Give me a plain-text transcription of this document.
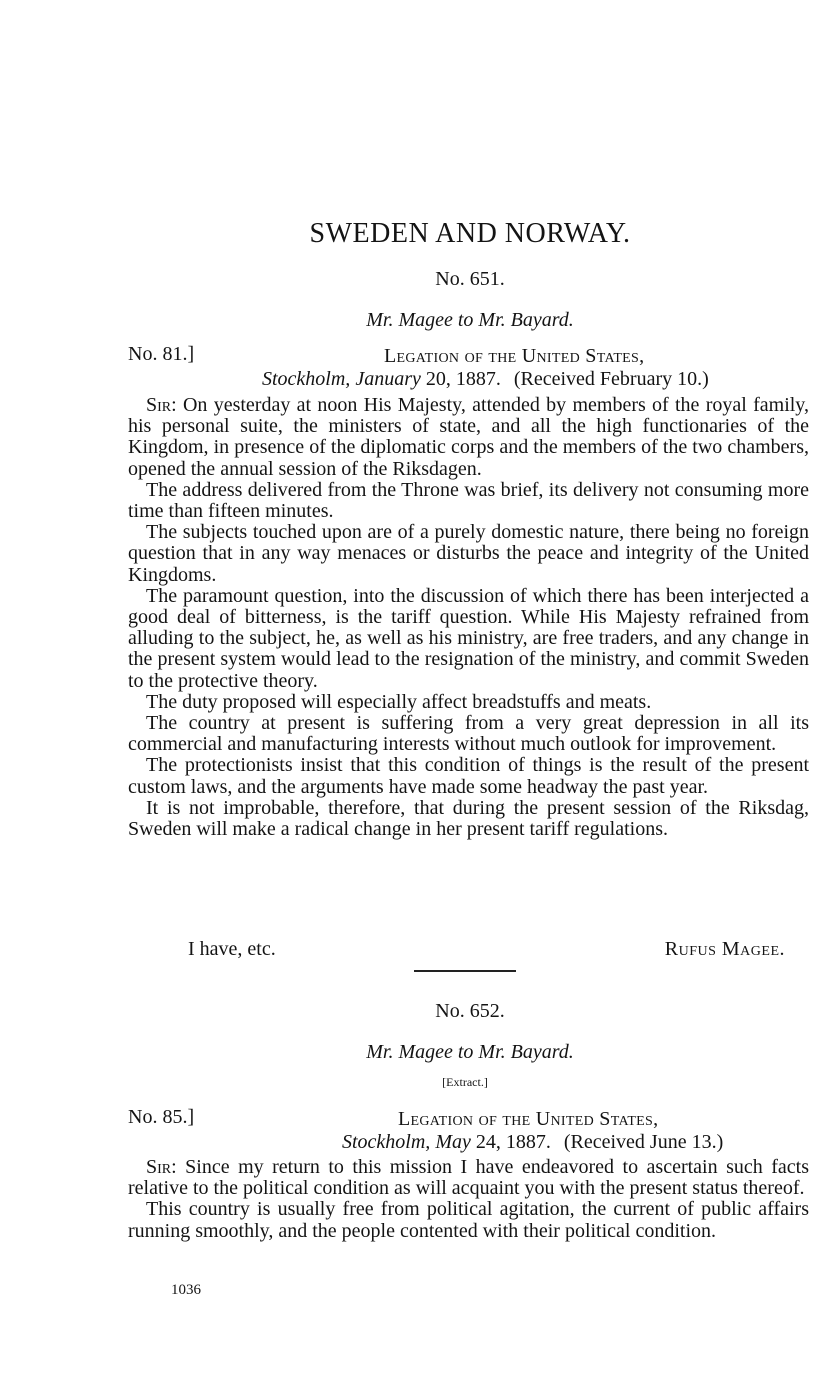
SWEDEN AND NORWAY.
No. 651.
Mr. Magee to Mr. Bayard.
No. 81.]	Legation of the United States,
Stockholm, January 20, 1887. (Received February 10.)

Sir: On yesterday at noon His Majesty, attended by members of the royal family, his personal suite, the ministers of state, and all the high functionaries of the Kingdom, in presence of the diplomatic corps and the members of the two chambers, opened the annual session of the Riksdagen.

The address delivered from the Throne was brief, its delivery not consuming more time than fifteen minutes.

The subjects touched upon are of a purely domestic nature, there being no foreign question that in any way menaces or disturbs the peace and integrity of the United Kingdoms.

The paramount question, into the discussion of which there has been interjected a good deal of bitterness, is the tariff question. While His Majesty refrained from alluding to the subject, he, as well as his ministry, are free traders, and any change in the present system would lead to the resignation of the ministry, and commit Sweden to the protective theory.

The duty proposed will especially affect breadstuffs and meats.

The country at present is suffering from a very great depression in all its commercial and manufacturing interests without much outlook for improvement.

The protectionists insist that this condition of things is the result of the present custom laws, and the arguments have made some headway the past year.

It is not improbable, therefore, that during the present session of the Riksdag, Sweden will make a radical change in her present tariff regulations.

I have, etc.	Rufus Magee.
No. 652.
Mr. Magee to Mr. Bayard.
[Extract.]
No. 85.]	Legation of the United States,
Stockholm, May 24, 1887. (Received June 13.)

Sir: Since my return to this mission I have endeavored to ascertain such facts relative to the political condition as will acquaint you with the present status thereof.

This country is usually free from political agitation, the current of public affairs running smoothly, and the people contented with their political condition.

1036
